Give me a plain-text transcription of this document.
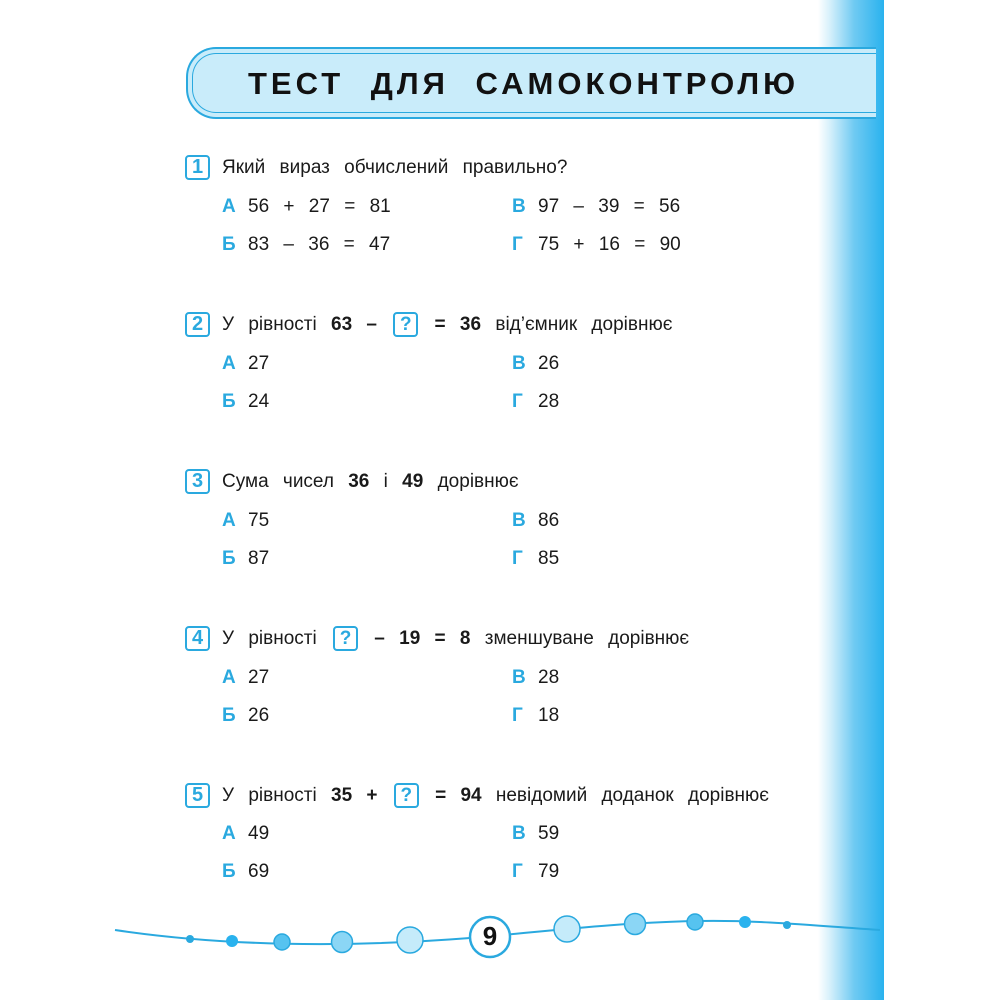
ТЕСТ ДЛЯ САМОКОНТРОЛЮ
1 Який вираз обчислений правильно?
А 56 + 27 = 81
Б 83 – 36 = 47
В 97 – 39 = 56
Г 75 + 16 = 90
2 У рівності 63 – ? = 36 від’ємник дорівнює
А 27
Б 24
В 26
Г 28
3 Сума чисел 36 і 49 дорівнює
А 75
Б 87
В 86
Г 85
4 У рівності ? – 19 = 8 зменшуване дорівнює
А 27
Б 26
В 28
Г 18
5 У рівності 35 + ? = 94 невідомий доданок дорівнює
А 49
Б 69
В 59
Г 79
9
